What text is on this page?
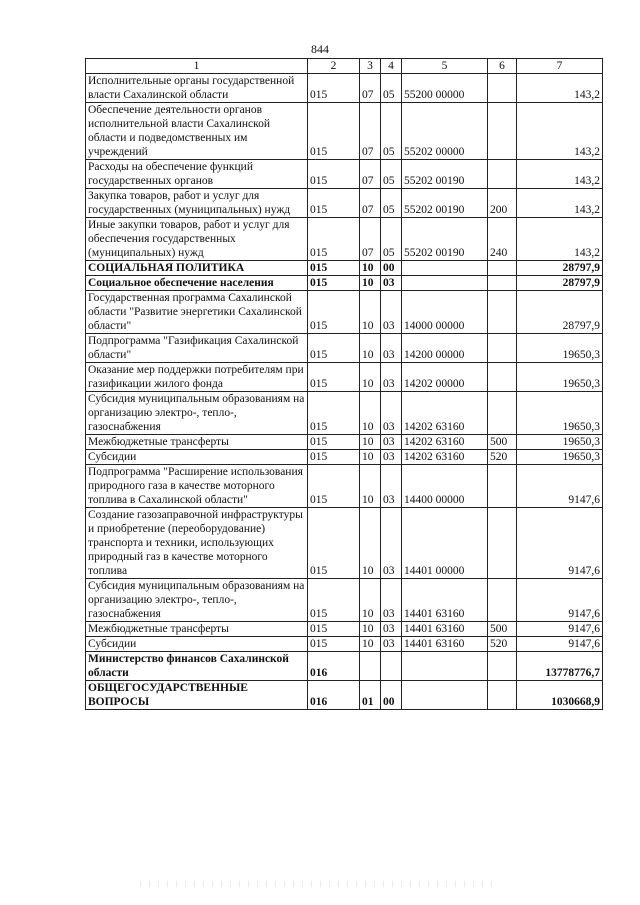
844
1	2	3	4	5	6	7
Исполнительные органы государственной власти Сахалинской области	015	07	05	55200 00000		143,2
Обеспечение деятельности органов исполнительной власти Сахалинской области и подведомственных им учреждений	015	07	05	55202 00000		143,2
Расходы на обеспечение функций государственных органов	015	07	05	55202 00190		143,2
Закупка товаров, работ и услуг для государственных (муниципальных) нужд	015	07	05	55202 00190	200	143,2
Иные закупки товаров, работ и услуг для обеспечения государственных (муниципальных) нужд	015	07	05	55202 00190	240	143,2
СОЦИАЛЬНАЯ ПОЛИТИКА	015	10	00			28797,9
Социальное обеспечение населения	015	10	03			28797,9
Государственная программа Сахалинской области "Развитие энергетики Сахалинской области"	015	10	03	14000 00000		28797,9
Подпрограмма "Газификация Сахалинской области"	015	10	03	14200 00000		19650,3
Оказание мер поддержки потребителям при газификации жилого фонда	015	10	03	14202 00000		19650,3
Субсидия муниципальным образованиям на организацию электро-, тепло-, газоснабжения	015	10	03	14202 63160		19650,3
Межбюджетные трансферты	015	10	03	14202 63160	500	19650,3
Субсидии	015	10	03	14202 63160	520	19650,3
Подпрограмма "Расширение использования природного газа в качестве моторного топлива в Сахалинской области"	015	10	03	14400 00000		9147,6
Создание газозаправочной инфраструктуры и приобретение (переоборудование) транспорта и техники, использующих природный газ в качестве моторного топлива	015	10	03	14401 00000		9147,6
Субсидия муниципальным образованиям на организацию электро-, тепло-, газоснабжения	015	10	03	14401 63160		9147,6
Межбюджетные трансферты	015	10	03	14401 63160	500	9147,6
Субсидии	015	10	03	14401 63160	520	9147,6
Министерство финансов Сахалинской области	016					13778776,7
ОБЩЕГОСУДАРСТВЕННЫЕ ВОПРОСЫ	016	01	00			1030668,9
